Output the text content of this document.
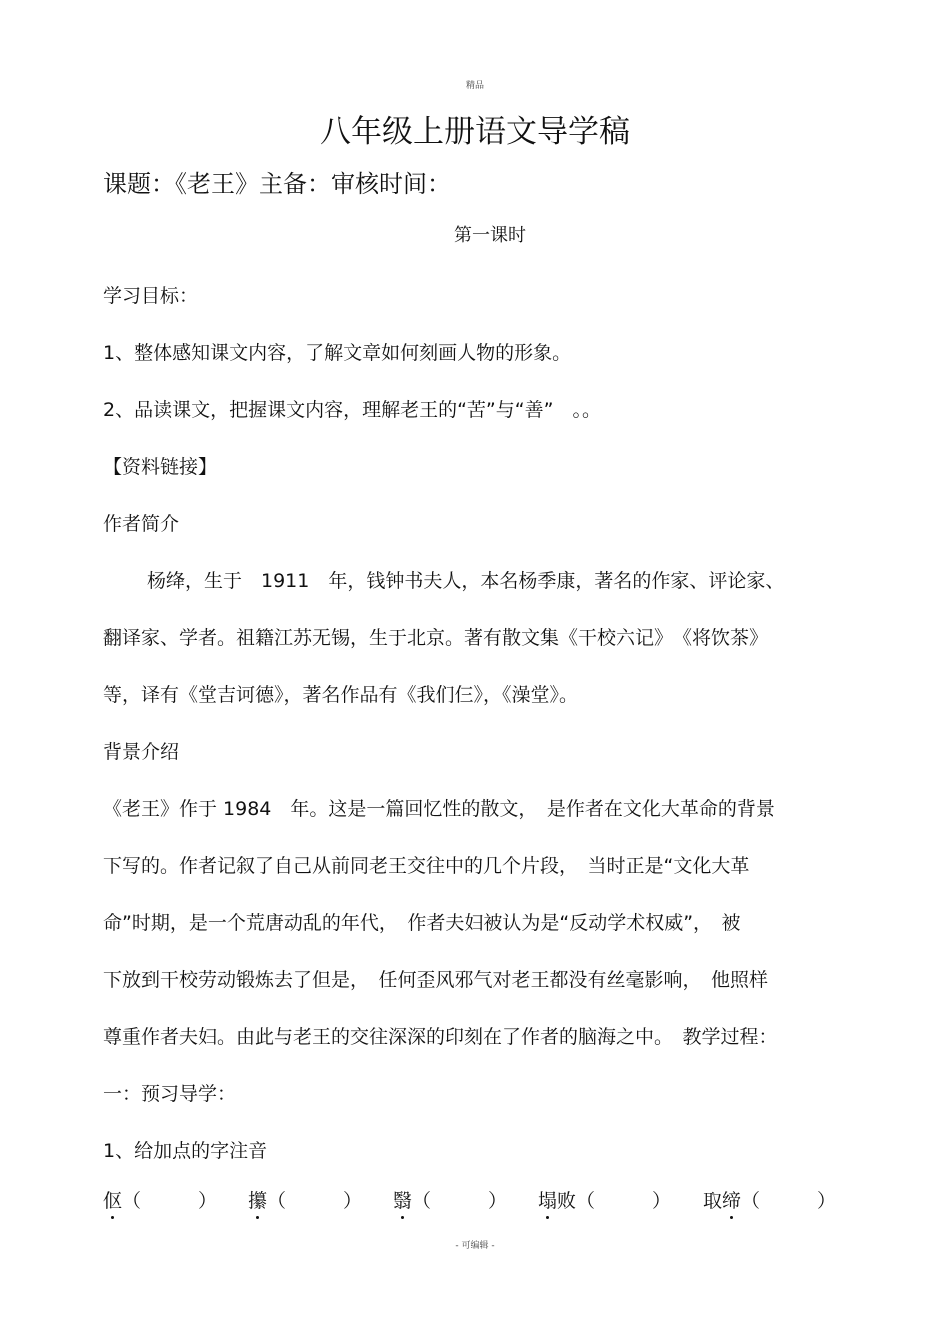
精品
八年级上册语文导学稿
课题：《老王》主备：审核时间：
第一课时
学习目标：
1、整体感知课文内容，了解文章如何刻画人物的形象。
2、品读课文，把握课文内容，理解老王的“苦”与“善”　。。
【资料链接】
作者简介
杨绛，生于　1911　年，钱钟书夫人，本名杨季康，著名的作家、评论家、
翻译家、学者。祖籍江苏无锡，生于北京。著有散文集《干校六记》　《将饮茶》
等，译有《堂吉诃德》，著名作品有《我们仨》，《澡堂》。
背景介绍
《老王》作于 1984　年。这是一篇回忆性的散文，　是作者在文化大革命的背景
下写的。作者记叙了自己从前同老王交往中的几个片段，　当时正是“文化大革
命”时期，是一个荒唐动乱的年代，　作者夫妇被认为是“反动学术权威”，　被
下放到干校劳动锻炼去了但是，　任何歪风邪气对老王都没有丝毫影响，　他照样
尊重作者夫妇。由此与老王的交往深深的印刻在了作者的脑海之中。　教学过程：
一：预习导学：
1、给加点的字注音
伛（　　　） 攥（　　　） 翳（　　　） 塌败（　　　） 取缔（　　　）
- 可编辑 -
